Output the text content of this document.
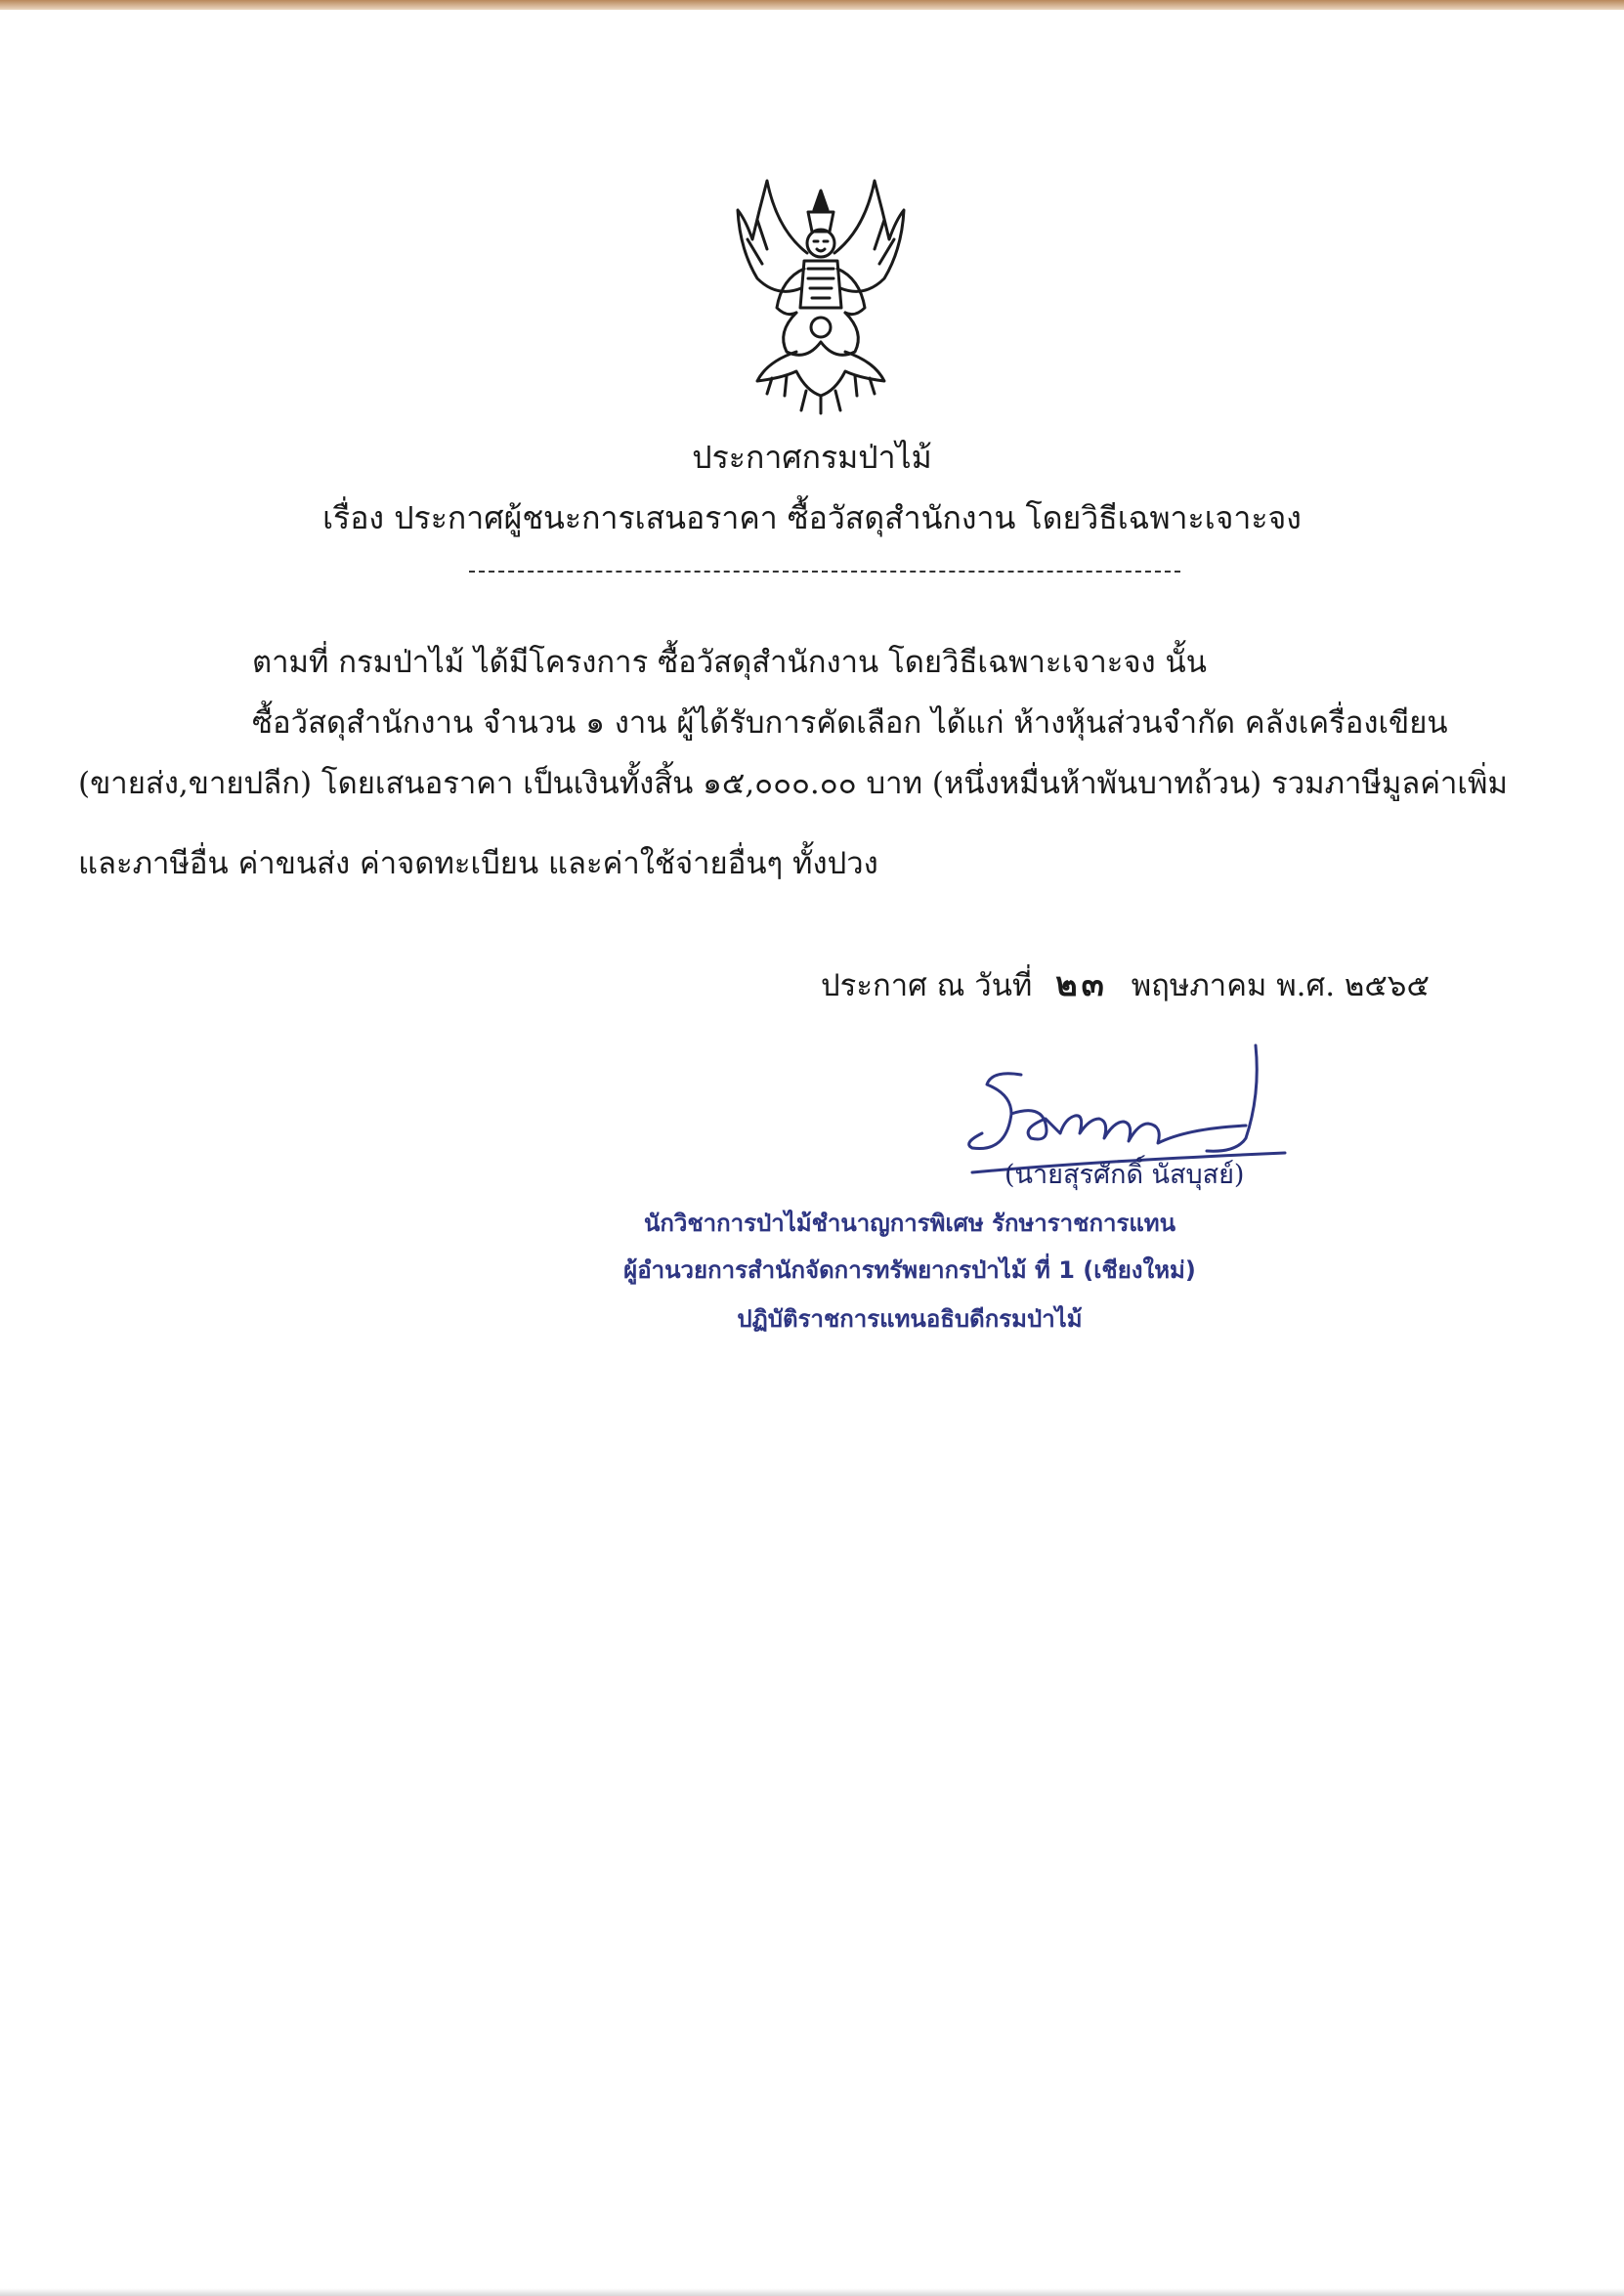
ประกาศกรมป่าไม้
เรื่อง ประกาศผู้ชนะการเสนอราคา ซื้อวัสดุสำนักงาน โดยวิธีเฉพาะเจาะจง
ตามที่ กรมป่าไม้ ได้มีโครงการ ซื้อวัสดุสำนักงาน โดยวิธีเฉพาะเจาะจง นั้น
ซื้อวัสดุสำนักงาน จำนวน ๑ งาน ผู้ได้รับการคัดเลือก ได้แก่ ห้างหุ้นส่วนจำกัด คลังเครื่องเขียน
(ขายส่ง,ขายปลีก) โดยเสนอราคา เป็นเงินทั้งสิ้น ๑๕,๐๐๐.๐๐ บาท (หนึ่งหมื่นห้าพันบาทถ้วน) รวมภาษีมูลค่าเพิ่ม
และภาษีอื่น ค่าขนส่ง ค่าจดทะเบียน และค่าใช้จ่ายอื่นๆ ทั้งปวง
ประกาศ ณ วันที่ ๒๓ พฤษภาคม พ.ศ. ๒๕๖๕
(นายสุรศักดิ์ นัสบุสย์)
นักวิชาการป่าไม้ชำนาญการพิเศษ รักษาราชการแทน
ผู้อำนวยการสำนักจัดการทรัพยากรป่าไม้ ที่ 1 (เชียงใหม่)
ปฏิบัติราชการแทนอธิบดีกรมป่าไม้
